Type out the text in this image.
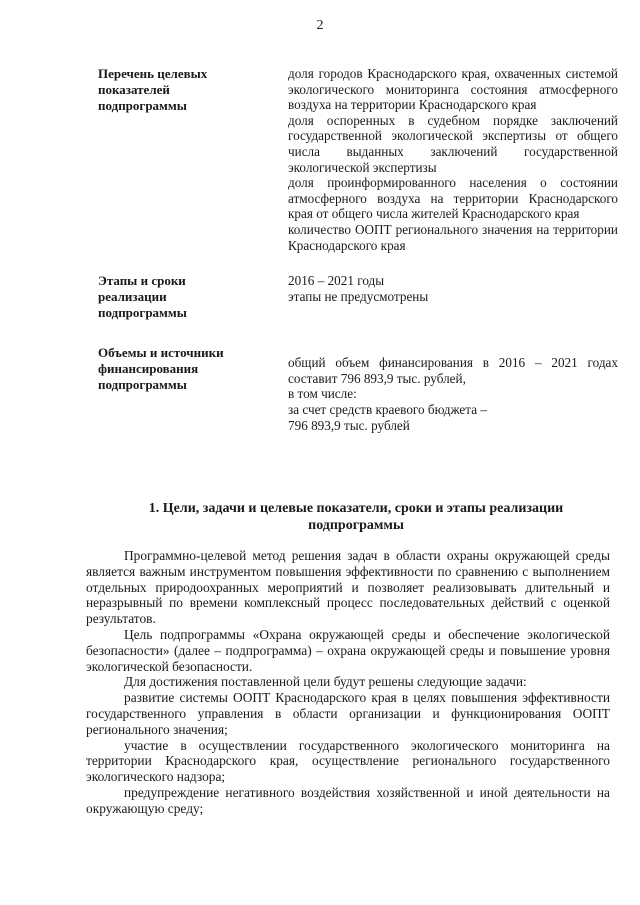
2
Перечень целевых
показателей
подпрограммы

доля городов Краснодарского края, охваченных системой экологического мониторинга состояния атмосферного воздуха на территории Краснодарского края

доля оспоренных в судебном порядке заключений государственной экологической экспертизы от общего числа выданных заключений государственной экологической экспертизы

доля проинформированного населения о состоянии атмосферного воздуха на территории Краснодарского края от общего числа жителей Краснодарского края

количество ООПТ регионального значения на территории Краснодарского края

Этапы и сроки
реализации
подпрограммы

2016 – 2021 годы

этапы не предусмотрены

Объемы и источники
финансирования
подпрограммы

общий объем финансирования в 2016 – 2021 годах составит 796 893,9 тыс. рублей,

в том числе:

за счет средств краевого бюджета –

796 893,9 тыс. рублей

1. Цели, задачи и целевые показатели, сроки и этапы реализации
подпрограммы

Программно-целевой метод решения задач в области охраны окружающей среды является важным инструментом повышения эффективности по сравнению с выполнением отдельных природоохранных мероприятий и позволяет реализовывать длительный и неразрывный по времени комплексный процесс последовательных действий с оценкой результатов.

Цель подпрограммы «Охрана окружающей среды и обеспечение экологической безопасности» (далее – подпрограмма) – охрана окружающей среды и повышение уровня экологической безопасности.

Для достижения поставленной цели будут решены следующие задачи:

развитие системы ООПТ Краснодарского края в целях повышения эффективности государственного управления в области организации и функционирования ООПТ регионального значения;

участие в осуществлении государственного экологического мониторинга на территории Краснодарского края, осуществление регионального государственного экологического надзора;

предупреждение негативного воздействия хозяйственной и иной деятельности на окружающую среду;
